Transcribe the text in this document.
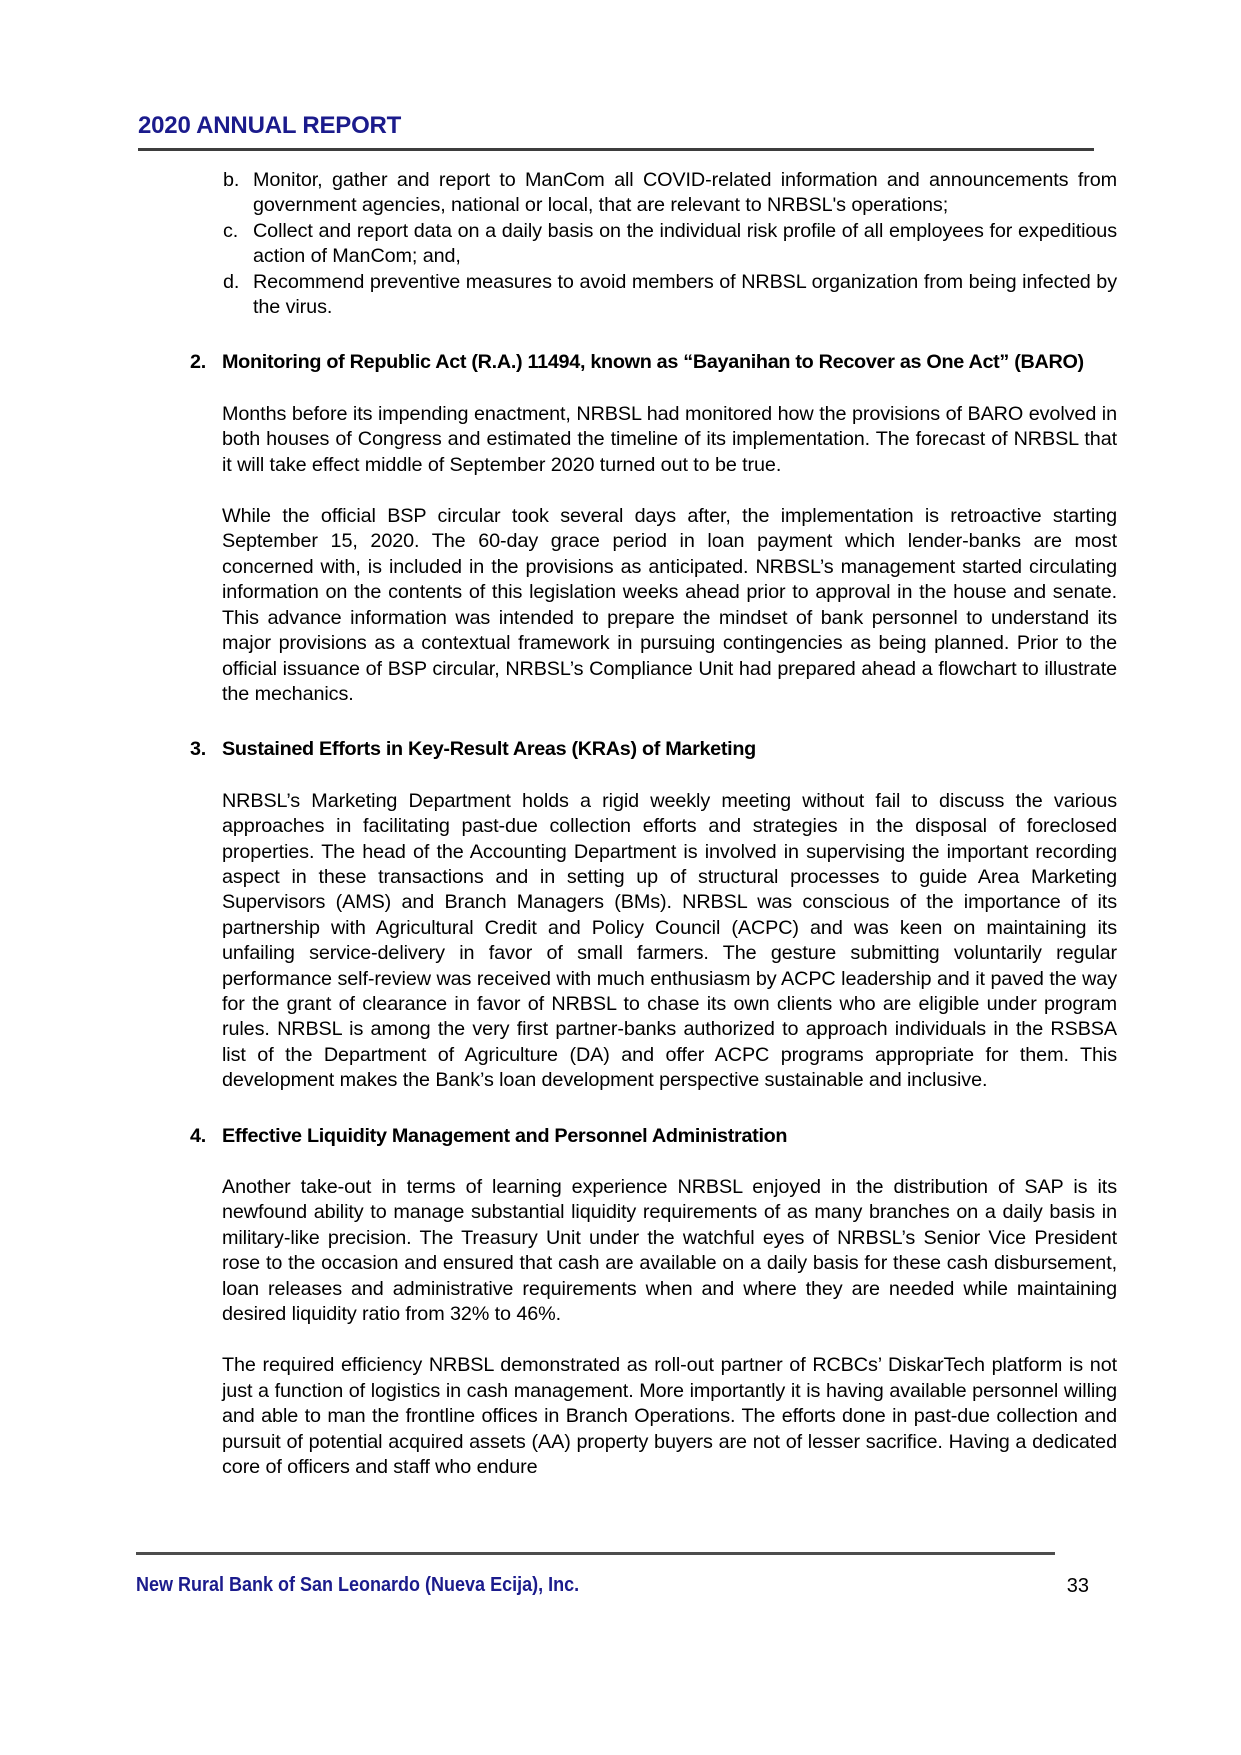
2020 ANNUAL REPORT
b. Monitor, gather and report to ManCom all COVID-related information and announcements from government agencies, national or local, that are relevant to NRBSL's operations;
c. Collect and report data on a daily basis on the individual risk profile of all employees for expeditious action of ManCom; and,
d. Recommend preventive measures to avoid members of NRBSL organization from being infected by the virus.
2. Monitoring of Republic Act (R.A.) 11494, known as “Bayanihan to Recover as One Act” (BARO)
Months before its impending enactment, NRBSL had monitored how the provisions of BARO evolved in both houses of Congress and estimated the timeline of its implementation. The forecast of NRBSL that it will take effect middle of September 2020 turned out to be true.
While the official BSP circular took several days after, the implementation is retroactive starting September 15, 2020. The 60-day grace period in loan payment which lender-banks are most concerned with, is included in the provisions as anticipated. NRBSL’s management started circulating information on the contents of this legislation weeks ahead prior to approval in the house and senate. This advance information was intended to prepare the mindset of bank personnel to understand its major provisions as a contextual framework in pursuing contingencies as being planned. Prior to the official issuance of BSP circular, NRBSL’s Compliance Unit had prepared ahead a flowchart to illustrate the mechanics.
3. Sustained Efforts in Key-Result Areas (KRAs) of Marketing
NRBSL’s Marketing Department holds a rigid weekly meeting without fail to discuss the various approaches in facilitating past-due collection efforts and strategies in the disposal of foreclosed properties. The head of the Accounting Department is involved in supervising the important recording aspect in these transactions and in setting up of structural processes to guide Area Marketing Supervisors (AMS) and Branch Managers (BMs). NRBSL was conscious of the importance of its partnership with Agricultural Credit and Policy Council (ACPC) and was keen on maintaining its unfailing service-delivery in favor of small farmers. The gesture submitting voluntarily regular performance self-review was received with much enthusiasm by ACPC leadership and it paved the way for the grant of clearance in favor of NRBSL to chase its own clients who are eligible under program rules. NRBSL is among the very first partner-banks authorized to approach individuals in the RSBSA list of the Department of Agriculture (DA) and offer ACPC programs appropriate for them. This development makes the Bank’s loan development perspective sustainable and inclusive.
4. Effective Liquidity Management and Personnel Administration
Another take-out in terms of learning experience NRBSL enjoyed in the distribution of SAP is its newfound ability to manage substantial liquidity requirements of as many branches on a daily basis in military-like precision. The Treasury Unit under the watchful eyes of NRBSL’s Senior Vice President rose to the occasion and ensured that cash are available on a daily basis for these cash disbursement, loan releases and administrative requirements when and where they are needed while maintaining desired liquidity ratio from 32% to 46%.
The required efficiency NRBSL demonstrated as roll-out partner of RCBCs’ DiskarTech platform is not just a function of logistics in cash management. More importantly it is having available personnel willing and able to man the frontline offices in Branch Operations. The efforts done in past-due collection and pursuit of potential acquired assets (AA) property buyers are not of lesser sacrifice. Having a dedicated core of officers and staff who endure
New Rural Bank of San Leonardo (Nueva Ecija), Inc.	33
